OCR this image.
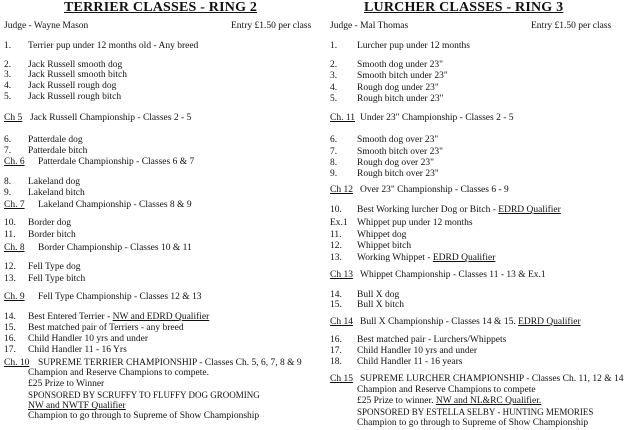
TERRIER CLASSES - RING 2
Judge - Wayne Mason	Entry £1.50 per class
1. Terrier pup under 12 months old - Any breed
2. Jack Russell smooth dog
3. Jack Russell smooth bitch
4. Jack Russell rough dog
5. Jack Russell rough bitch
Ch 5 Jack Russell Championship - Classes 2 - 5
6. Patterdale dog
7. Patterdale bitch
Ch. 6 Patterdale Championship - Classes 6 & 7
8. Lakeland dog
9. Lakeland bitch
Ch. 7 Lakeland Championship - Classes 8 & 9
10. Border dog
11. Border bitch
Ch. 8 Border Championship - Classes 10 & 11
12. Fell Type dog
13. Fell Type bitch
Ch. 9 Fell Type Championship - Classes 12 & 13
14. Best Entered Terrier - NW and EDRD Qualifier
15. Best matched pair of Terriers - any breed
16. Child Handler 10 yrs and under
17. Child Handler 11 - 16 Yrs
Ch. 10 SUPREME TERRIER CHAMPIONSHIP - Classes Ch. 5, 6, 7, 8 & 9
Champion and Reserve Champions to compete.
£25 Prize to Winner
SPONSORED BY SCRUFFY TO FLUFFY DOG GROOMING
NW and NWTF Qualifier
Champion to go through to Supreme of Show Championship
LURCHER CLASSES - RING 3
Judge - Mal Thomas	Entry £1.50 per class
1. Lurcher pup under 12 months
2. Smooth dog under 23"
3. Smooth bitch under 23"
4. Rough dog under 23"
5. Rough bitch under 23"
Ch. 11 Under 23" Championship - Classes 2 - 5
6. Smooth dog over 23"
7. Smooth bitch over 23"
8. Rough dog over 23"
9. Rough bitch over 23"
Ch 12 Over 23" Championship - Classes 6 - 9
10. Best Working lurcher Dog or Bitch - EDRD Qualifier
Ex.1 Whippet pup under 12 months
11. Whippet dog
12. Whippet bitch
13. Working Whippet - EDRD Qualifier
Ch 13 Whippet Championship - Classes 11 - 13 & Ex.1
14. Bull X dog
15. Bull X bitch
Ch 14 Bull X Championship - Classes 14 & 15. EDRD Qualifier
16. Best matched pair - Lurchers/Whippets
17. Child Handler 10 yrs and under
18. Child Handler 11 - 16 years
Ch 15 SUPREME LURCHER CHAMPIONSHIP - Classes Ch. 11, 12 & 14
Champion and Reserve Champions to compete
£25 Prize to winner. NW and NL&RC Qualifier.
SPONSORED BY ESTELLA SELBY - HUNTING MEMORIES
Champion to go through to Supreme of Show Championship
